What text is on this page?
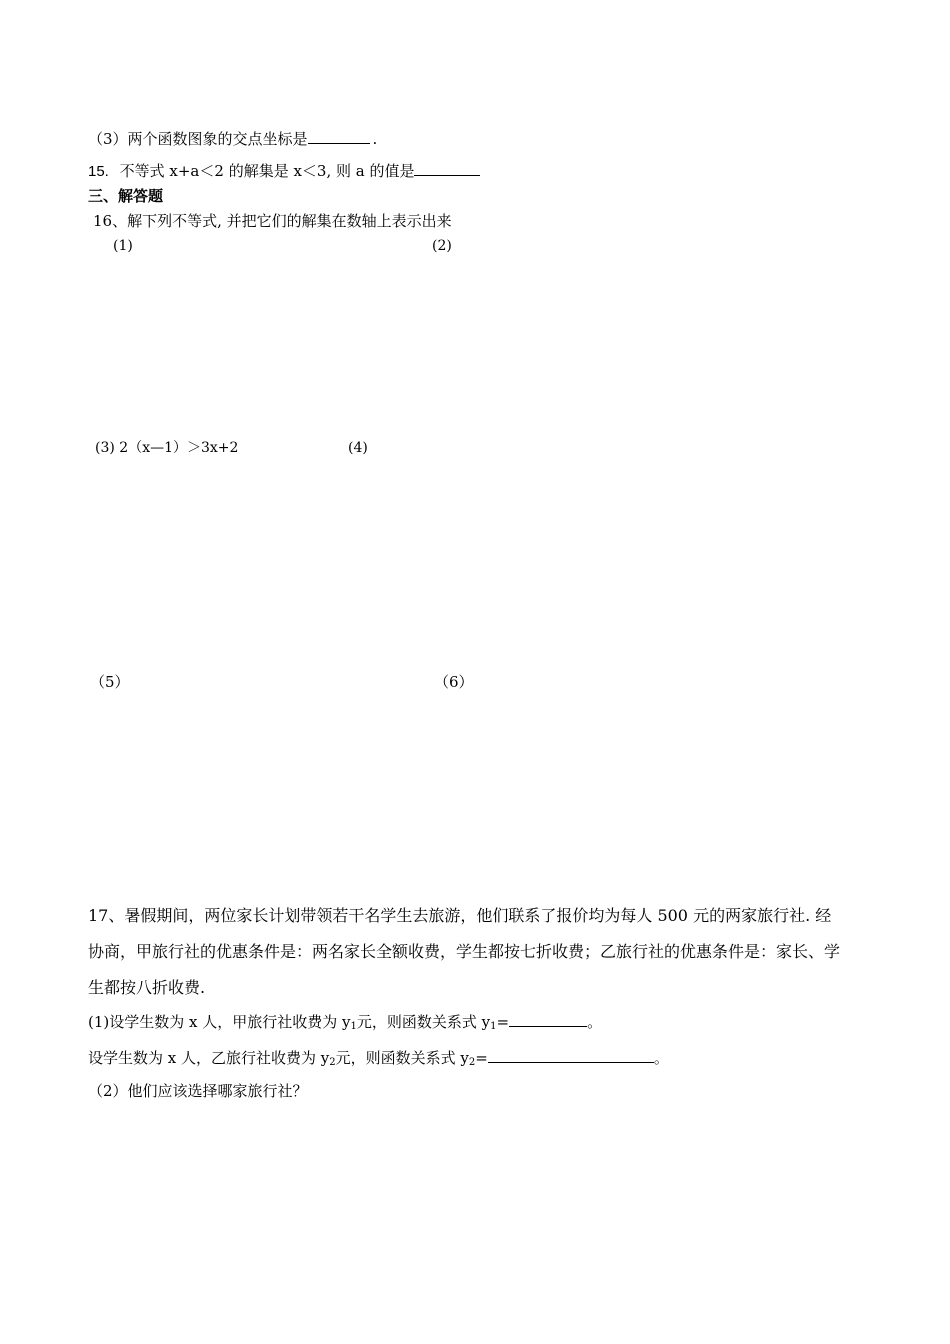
（3）两个函数图象的交点坐标是	.
15. 不等式 x+a＜2 的解集是 x＜3, 则 a 的值是
三、解答题
16、解下列不等式, 并把它们的解集在数轴上表示出来
(1)	(2)
(3) 2（x—1）＞3x+2	(4)
（5）	（6）
17、暑假期间，两位家长计划带领若干名学生去旅游，他们联系了报价均为每人 500 元的两家旅行社. 经
协商，甲旅行社的优惠条件是：两名家长全额收费，学生都按七折收费；乙旅行社的优惠条件是：家长、学
生都按八折收费.
(1)设学生数为 x 人，甲旅行社收费为 $y_1$元，则函数关系式 $y_1=$	。
设学生数为 x 人，乙旅行社收费为 $y_2$元，则函数关系式 $y_2=$	。
（2）他们应该选择哪家旅行社？
